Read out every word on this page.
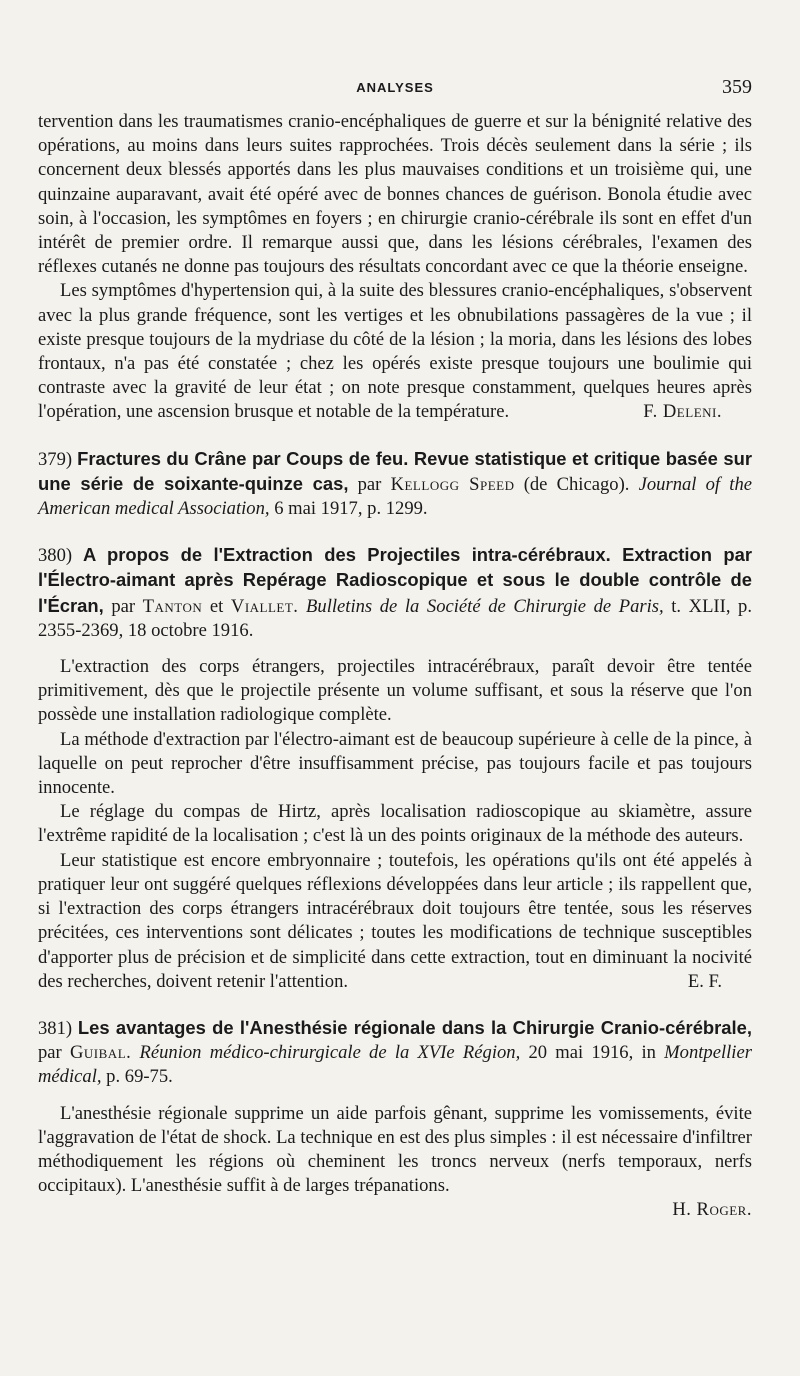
ANALYSES	359

tervention dans les traumatismes cranio-encéphaliques de guerre et sur la bénignité relative des opérations, au moins dans leurs suites rapprochées. Trois décès seulement dans la série ; ils concernent deux blessés apportés dans les plus mauvaises conditions et un troisième qui, une quinzaine auparavant, avait été opéré avec de bonnes chances de guérison. Bonola étudie avec soin, à l'occasion, les symptômes en foyers ; en chirurgie cranio-cérébrale ils sont en effet d'un intérêt de premier ordre. Il remarque aussi que, dans les lésions cérébrales, l'examen des réflexes cutanés ne donne pas toujours des résultats concordant avec ce que la théorie enseigne.

Les symptômes d'hypertension qui, à la suite des blessures cranio-encéphaliques, s'observent avec la plus grande fréquence, sont les vertiges et les obnubilations passagères de la vue ; il existe presque toujours de la mydriase du côté de la lésion ; la moria, dans les lésions des lobes frontaux, n'a pas été constatée ; chez les opérés existe presque toujours une boulimie qui contraste avec la gravité de leur état ; on note presque constamment, quelques heures après l'opération, une ascension brusque et notable de la température.	F. Deleni.

379) Fractures du Crâne par Coups de feu. Revue statistique et critique basée sur une série de soixante-quinze cas, par Kellogg Speed (de Chicago). Journal of the American medical Association, 6 mai 1917, p. 1299.

380) A propos de l'Extraction des Projectiles intra-cérébraux. Extraction par l'Électro-aimant après Repérage Radioscopique et sous le double contrôle de l'Écran, par Tanton et Viallet. Bulletins de la Société de Chirurgie de Paris, t. XLII, p. 2355-2369, 18 octobre 1916.

L'extraction des corps étrangers, projectiles intracérébraux, paraît devoir être tentée primitivement, dès que le projectile présente un volume suffisant, et sous la réserve que l'on possède une installation radiologique complète.

La méthode d'extraction par l'électro-aimant est de beaucoup supérieure à celle de la pince, à laquelle on peut reprocher d'être insuffisamment précise, pas toujours facile et pas toujours innocente.

Le réglage du compas de Hirtz, après localisation radioscopique au skiamètre, assure l'extrême rapidité de la localisation ; c'est là un des points originaux de la méthode des auteurs.

Leur statistique est encore embryonnaire ; toutefois, les opérations qu'ils ont été appelés à pratiquer leur ont suggéré quelques réflexions développées dans leur article ; ils rappellent que, si l'extraction des corps étrangers intracérébraux doit toujours être tentée, sous les réserves précitées, ces interventions sont délicates ; toutes les modifications de technique susceptibles d'apporter plus de précision et de simplicité dans cette extraction, tout en diminuant la nocivité des recherches, doivent retenir l'attention.	E. F.

381) Les avantages de l'Anesthésie régionale dans la Chirurgie Cranio-cérébrale, par Guibal. Réunion médico-chirurgicale de la XVIe Région, 20 mai 1916, in Montpellier médical, p. 69-75.

L'anesthésie régionale supprime un aide parfois gênant, supprime les vomissements, évite l'aggravation de l'état de shock. La technique en est des plus simples : il est nécessaire d'infiltrer méthodiquement les régions où cheminent les troncs nerveux (nerfs temporaux, nerfs occipitaux). L'anesthésie suffit à de larges trépanations.

H. Roger.
